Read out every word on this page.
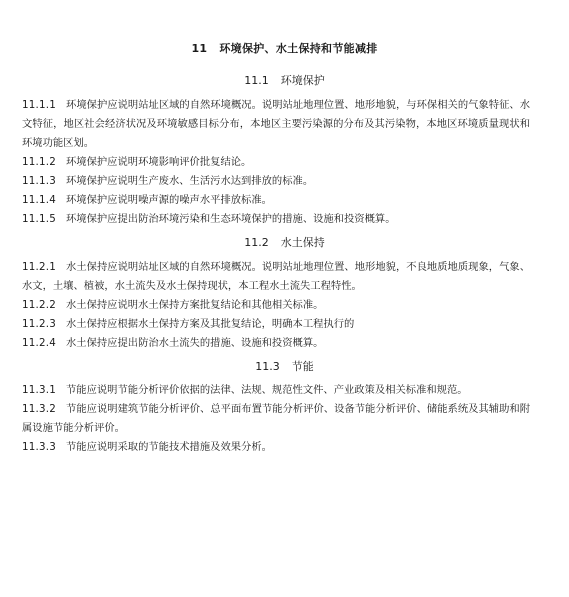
11 环境保护、水土保持和节能减排
11.1 环境保护
11.1.1 环境保护应说明站址区域的自然环境概况。说明站址地理位置、地形地貌，与环保相关的气象特征、水文特征，地区社会经济状况及环境敏感目标分布，本地区主要污染源的分布及其污染物，本地区环境质量现状和环境功能区划。
11.1.2 环境保护应说明环境影响评价批复结论。
11.1.3 环境保护应说明生产废水、生活污水达到排放的标准。
11.1.4 环境保护应说明噪声源的噪声水平排放标准。
11.1.5 环境保护应提出防治环境污染和生态环境保护的措施、设施和投资概算。
11.2 水土保持
11.2.1 水土保持应说明站址区域的自然环境概况。说明站址地理位置、地形地貌，不良地质地质现象，气象、水文，土壤、植被，水土流失及水土保持现状，本工程水土流失工程特性。
11.2.2 水土保持应说明水土保持方案批复结论和其他相关标准。
11.2.3 水土保持应根据水土保持方案及其批复结论，明确本工程执行的
11.2.4 水土保持应提出防治水土流失的措施、设施和投资概算。
11.3 节能
11.3.1 节能应说明节能分析评价依据的法律、法规、规范性文件、产业政策及相关标准和规范。
11.3.2 节能应说明建筑节能分析评价、总平面布置节能分析评价、设备节能分析评价、储能系统及其辅助和附属设施节能分析评价。
11.3.3 节能应说明采取的节能技术措施及效果分析。
